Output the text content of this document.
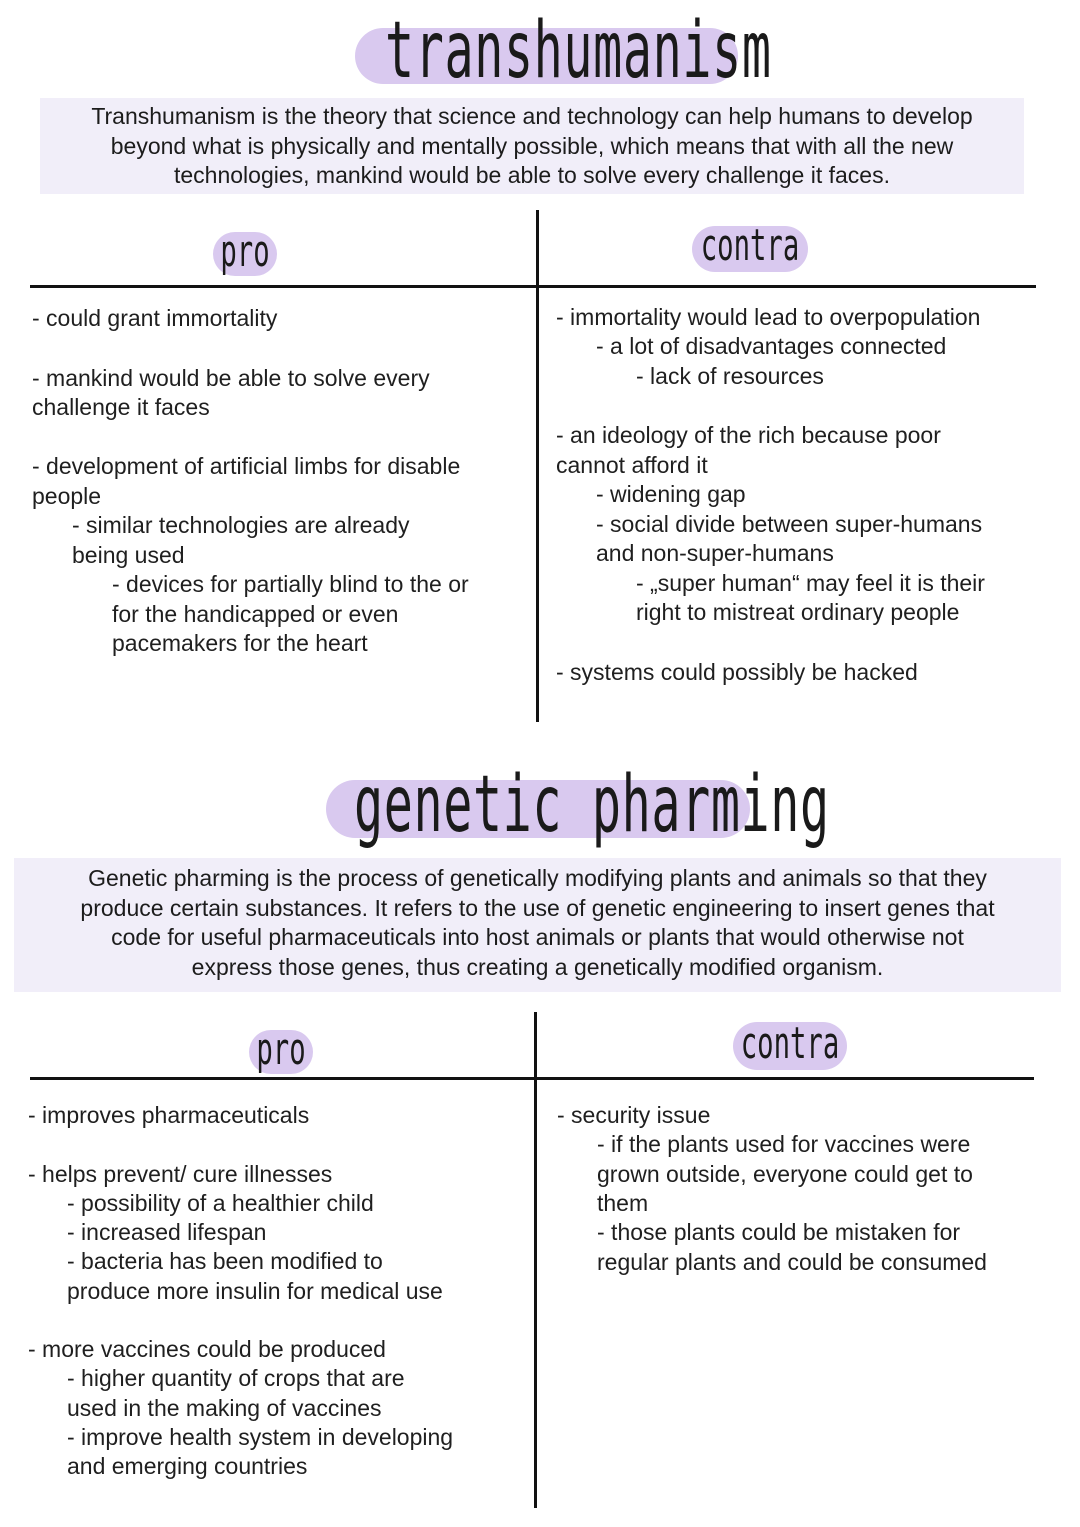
transhumanism
Transhumanism is the theory that science and technology can help humans to develop
beyond what is physically and mentally possible, which means that with all the new
technologies, mankind would be able to solve every challenge it faces.
pro	contra
- could grant immortality
- mankind would be able to solve every
challenge it faces
- development of artificial limbs for disable
people
- similar technologies are already
being used
- devices for partially blind to the or
for the handicapped or even
pacemakers for the heart
- immortality would lead to overpopulation
- a lot of disadvantages connected
- lack of resources
- an ideology of the rich because poor
cannot afford it
- widening gap
- social divide between super-humans
and non-super-humans
- „super human“ may feel it is their
right to mistreat ordinary people
- systems could possibly be hacked
genetic pharming
Genetic pharming is the process of genetically modifying plants and animals so that they
produce certain substances. It refers to the use of genetic engineering to insert genes that
code for useful pharmaceuticals into host animals or plants that would otherwise not
express those genes, thus creating a genetically modified organism.
pro	contra
- improves pharmaceuticals
- helps prevent/ cure illnesses
- possibility of a healthier child
- increased lifespan
- bacteria has been modified to
produce more insulin for medical use
- more vaccines could be produced
- higher quantity of crops that are
used in the making of vaccines
- improve health system in developing
and emerging countries
- security issue
- if the plants used for vaccines were
grown outside, everyone could get to
them
- those plants could be mistaken for
regular plants and could be consumed
